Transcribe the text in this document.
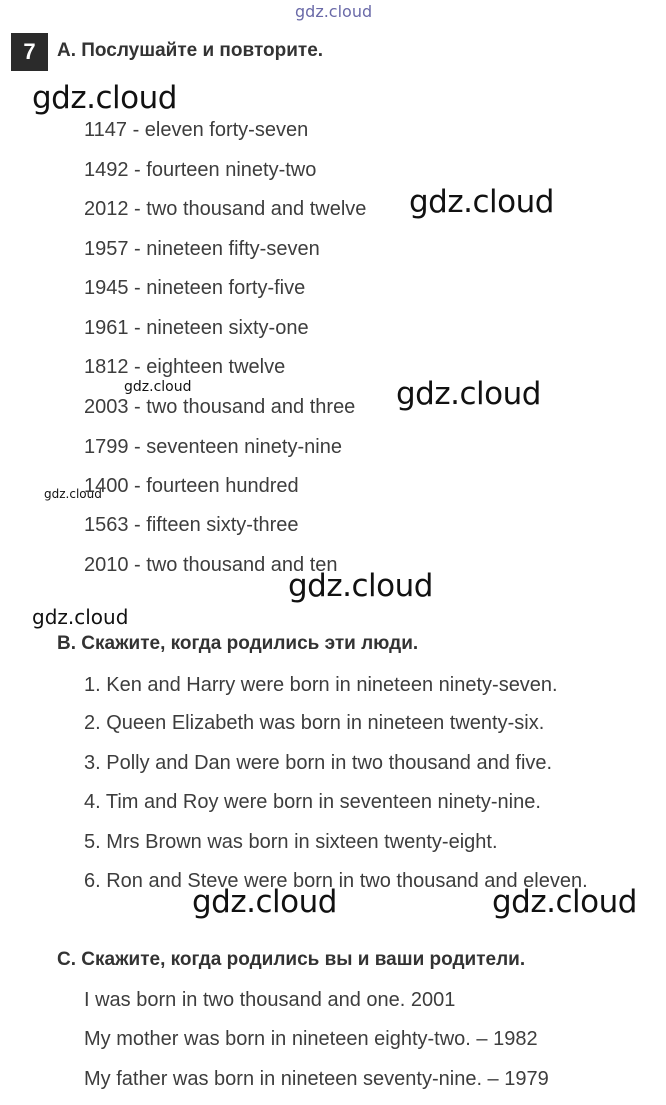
gdz.cloud
gdz.cloud
gdz.cloud
gdz.cloud	gdz.cloud
gdz.cloud
gdz.cloud
gdz.cloud
gdz.cloud	gdz.cloud
7	A. Послушайте и повторите.
1147 - eleven forty-seven
1492 - fourteen ninety-two
2012 - two thousand and twelve
1957 - nineteen fifty-seven
1945 - nineteen forty-five
1961 - nineteen sixty-one
1812 - eighteen twelve
2003 - two thousand and three
1799 - seventeen ninety-nine
1400 - fourteen hundred
1563 - fifteen sixty-three
2010 - two thousand and ten
B. Скажите, когда родились эти люди.
1. Ken and Harry were born in nineteen ninety-seven.
2. Queen Elizabeth was born in nineteen twenty-six.
3. Polly and Dan were born in two thousand and five.
4. Tim and Roy were born in seventeen ninety-nine.
5. Mrs Brown was born in sixteen twenty-eight.
6. Ron and Steve were born in two thousand and eleven.
C. Скажите, когда родились вы и ваши родители.
I was born in two thousand and one. 2001
My mother was born in nineteen eighty-two. – 1982
My father was born in nineteen seventy-nine. – 1979
